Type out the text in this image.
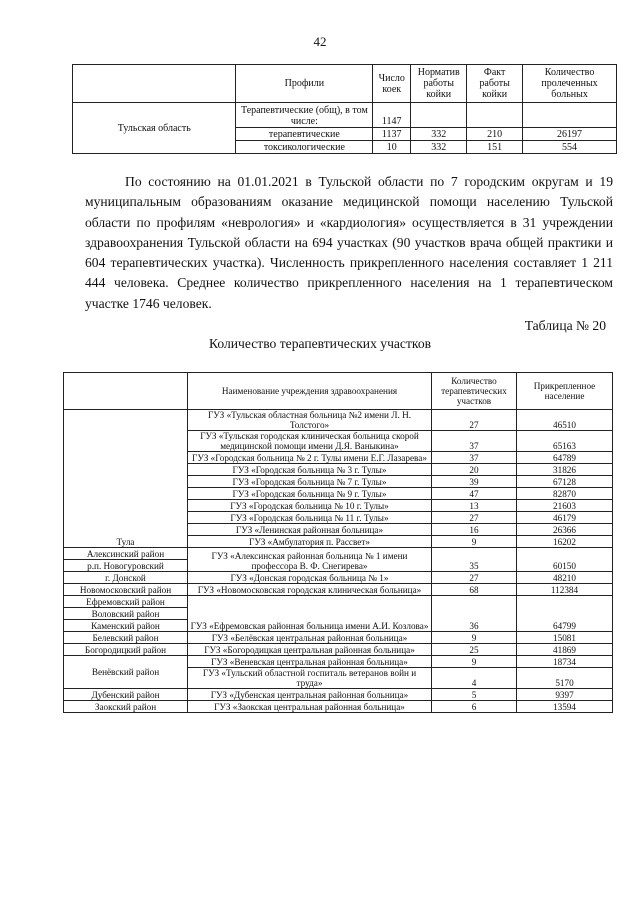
42
	Профили	Число коек	Норматив работы койки	Факт работы койки	Количество пролеченных больных
Тульская область	Терапевтические (общ), в том числе:	1147			
	терапевтические	1137	332	210	26197
	токсикологические	10	332	151	554

По состоянию на 01.01.2021 в Тульской области по 7 городским округам и 19 муниципальным образованиям оказание медицинской помощи населению Тульской области по профилям «неврология» и «кардиология» осуществляется в 31 учреждении здравоохранения Тульской области на 694 участках (90 участков врача общей практики и 604 терапевтических участка). Численность прикрепленного населения составляет 1 211 444 человека. Среднее количество прикрепленного населения на 1 терапевтическом участке 1746 человек.

Таблица № 20
Количество терапевтических участков
	Наименование учреждения здравоохранения	Количество терапевтических участков	Прикрепленное население
Тула	ГУЗ «Тульская областная больница №2 имени Л. Н. Толстого»	27	46510
	ГУЗ «Тульская городская клиническая больница скорой медицинской помощи имени Д.Я. Ваныкина»	37	65163
	ГУЗ «Городская больница № 2 г. Тулы имени Е.Г. Лазарева»	37	64789
	ГУЗ «Городская больница № 3 г. Тулы»	20	31826
	ГУЗ «Городская больница № 7 г. Тулы»	39	67128
	ГУЗ «Городская больница № 9 г. Тулы»	47	82870
	ГУЗ «Городская больница № 10 г. Тулы»	13	21603
	ГУЗ «Городская больница № 11 г. Тулы»	27	46179
	ГУЗ «Ленинская районная больница»	16	26366
	ГУЗ «Амбулатория п. Рассвет»	9	16202
Алексинский район	ГУЗ «Алексинская районная больница № 1 имени профессора В. Ф. Снегирева»	35	60150
р.п. Новогуровский			
г. Донской	ГУЗ «Донская городская больница № 1»	27	48210
Новомосковский район	ГУЗ «Новомосковская городская клиническая больница»	68	112384
Ефремовский район	ГУЗ «Ефремовская районная больница имени А.И. Козлова»	36	64799
Воловский район			
Каменский район			
Белевский район	ГУЗ «Белёвская центральная районная больница»	9	15081
Богородицкий район	ГУЗ «Богородицкая центральная районная больница»	25	41869
Венёвский район	ГУЗ «Веневская центральная районная больница»	9	18734
	ГУЗ «Тульский областной госпиталь ветеранов войн и труда»	4	5170
Дубенский район	ГУЗ «Дубенская центральная районная больница»	5	9397
Заокский район	ГУЗ «Заокская центральная районная больница»	6	13594
